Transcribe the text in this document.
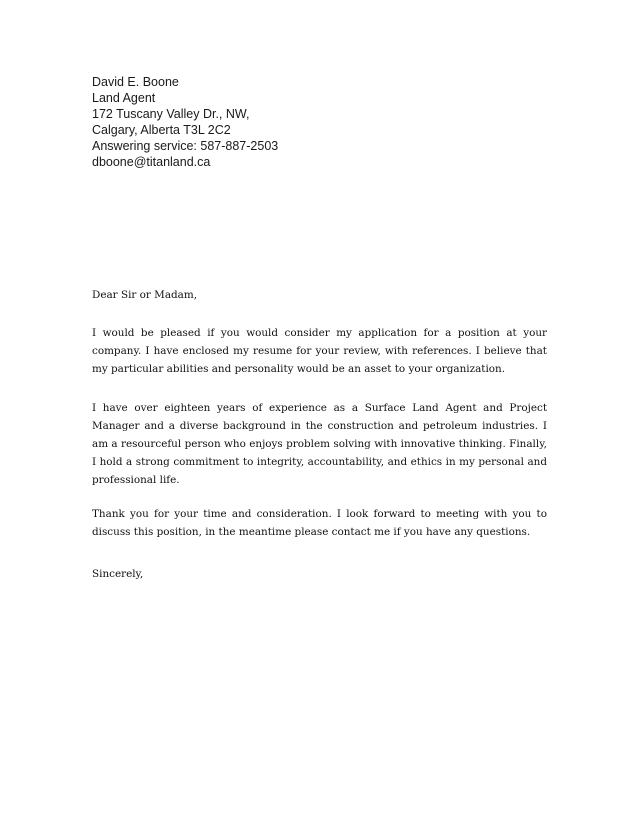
David E. Boone
Land Agent
172 Tuscany Valley Dr., NW,
Calgary, Alberta T3L 2C2
Answering service: 587-887-2503
dboone@titanland.ca
Dear Sir or Madam,
I would be pleased if you would consider my application for a position at your company. I have enclosed my resume for your review, with references. I believe that my particular abilities and personality would be an asset to your organization.
I have over eighteen years of experience as a Surface Land Agent and Project Manager and a diverse background in the construction and petroleum industries. I am a resourceful person who enjoys problem solving with innovative thinking. Finally, I hold a strong commitment to integrity, accountability, and ethics in my personal and professional life.
Thank you for your time and consideration. I look forward to meeting with you to discuss this position, in the meantime please contact me if you have any questions.
Sincerely,
